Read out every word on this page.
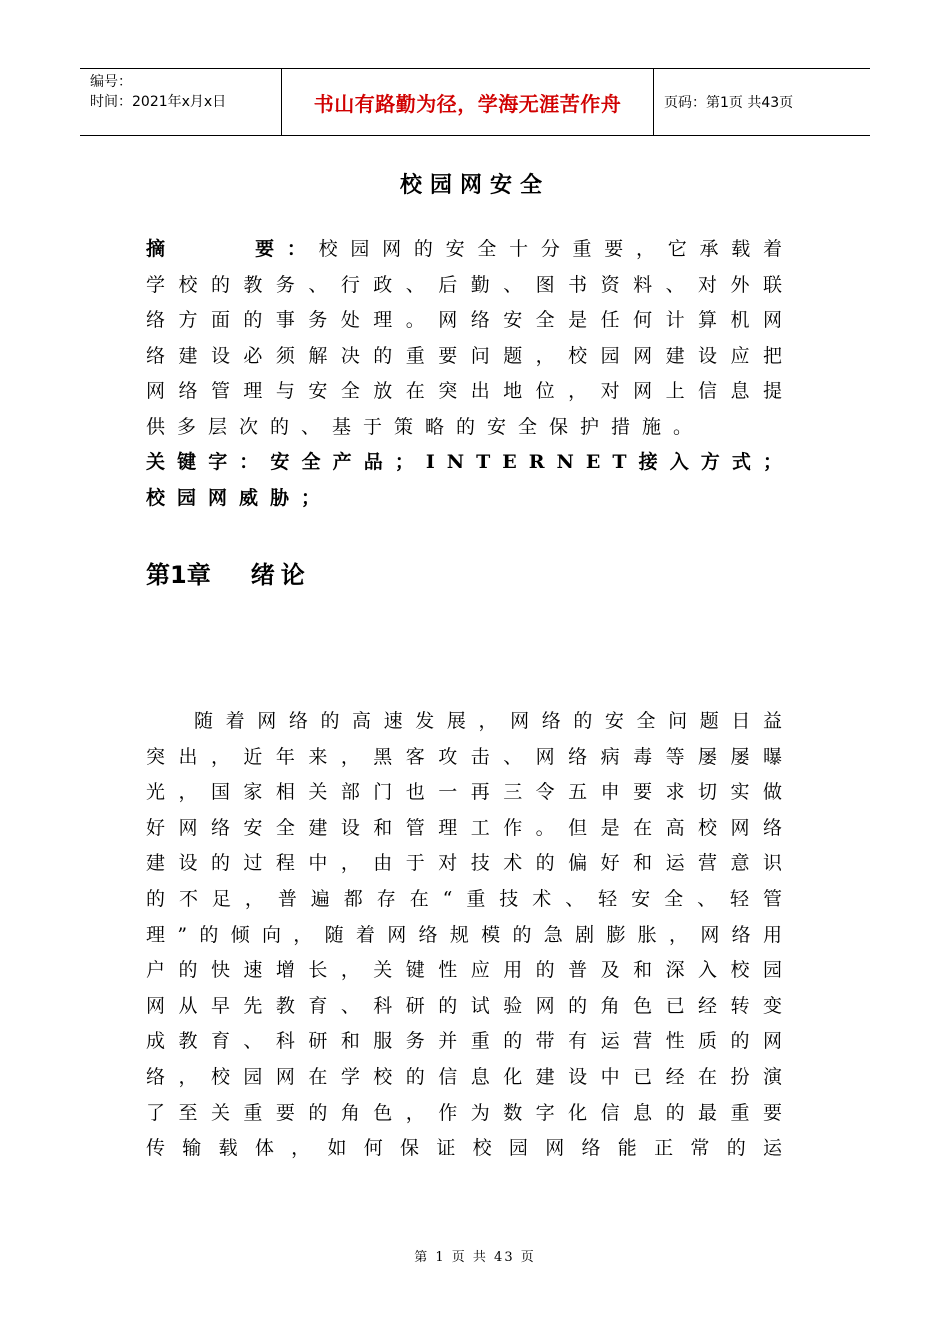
编号：
时间：2021年x月x日	书山有路勤为径，学海无涯苦作舟	页码：第1页 共43页
校园网安全

摘    要：校园网的安全十分重要，它承载着学校的教务、行政、后勤、图书资料、对外联络方面的事务处理。网络安全是任何计算机网络建设必须解决的重要问题，校园网建设应把网络管理与安全放在突出地位，对网上信息提供多层次的、基于策略的安全保护措施。

关键字：安全产品；INTERNET接入方式；校园网威胁；

第1章 绪论

随着网络的高速发展，网络的安全问题日益突出，近年来，黑客攻击、网络病毒等屡屡曝光，国家相关部门也一再三令五申要求切实做好网络安全建设和管理工作。但是在高校网络建设的过程中，由于对技术的偏好和运营意识的不足，普遍都存在“重技术、轻安全、轻管理”的倾向，随着网络规模的急剧膨胀，网络用户的快速增长，关键性应用的普及和深入校园网从早先教育、科研的试验网的角色已经转变成教育、科研和服务并重的带有运营性质的网络，校园网在学校的信息化建设中已经在扮演了至关重要的角色，作为数字化信息的最重要传输载体，如何保证校园网络能正常的运

第 1 页 共 43 页
